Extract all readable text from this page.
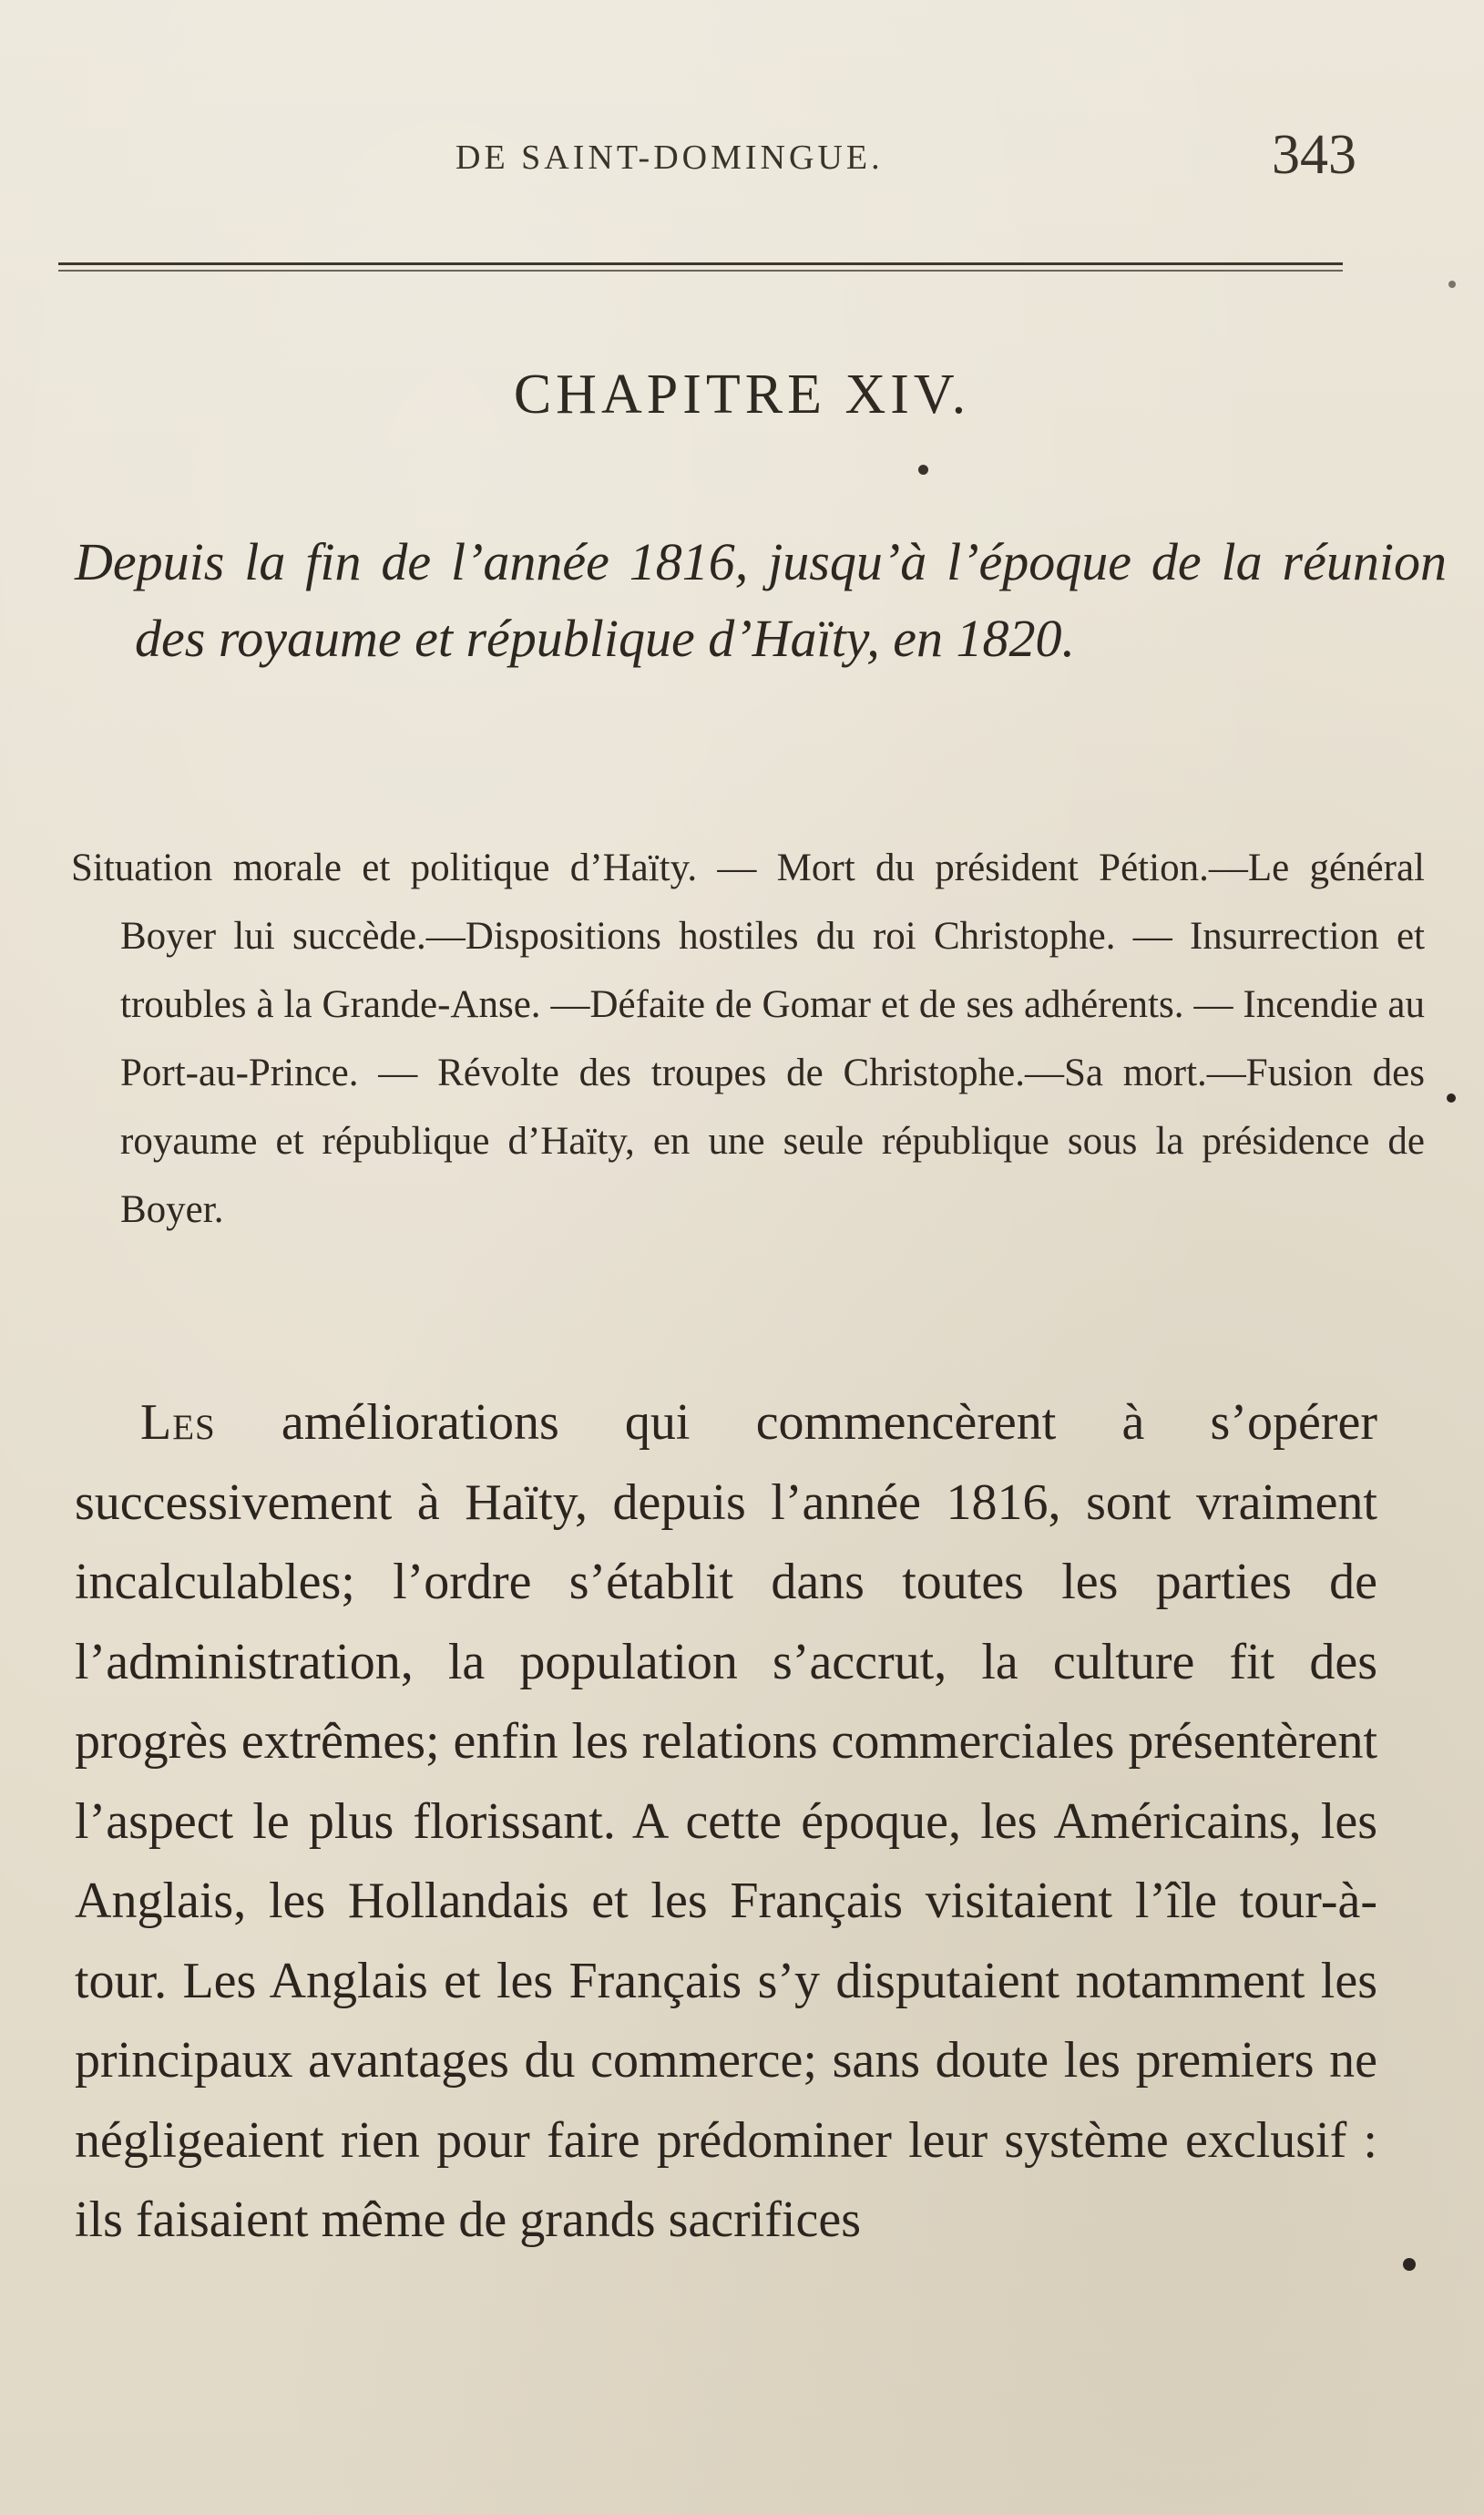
DE SAINT-DOMINGUE.	343
CHAPITRE XIV.
Depuis la fin de l’année 1816, jusqu’à l’époque de la réunion des royaume et république d’Haïty, en 1820.
Situation morale et politique d’Haïty. — Mort du président Pétion.—Le général Boyer lui succède.—Dispositions hostiles du roi Christophe. — Insurrection et troubles à la Grande-Anse. —Défaite de Gomar et de ses adhérents. — Incendie au Port-au-Prince. — Révolte des troupes de Christophe.—Sa mort.—Fusion des royaume et république d’Haïty, en une seule république sous la présidence de Boyer.
Les améliorations qui commencèrent à s’opérer successivement à Haïty, depuis l’année 1816, sont vraiment incalculables; l’ordre s’établit dans toutes les parties de l’administration, la population s’accrut, la culture fit des progrès extrêmes; enfin les relations commerciales présentèrent l’aspect le plus florissant. A cette époque, les Américains, les Anglais, les Hollandais et les Français visitaient l’île tour-à-tour. Les Anglais et les Français s’y disputaient notamment les principaux avantages du commerce; sans doute les premiers ne négligeaient rien pour faire prédominer leur système exclusif : ils faisaient même de grands sacrifices
